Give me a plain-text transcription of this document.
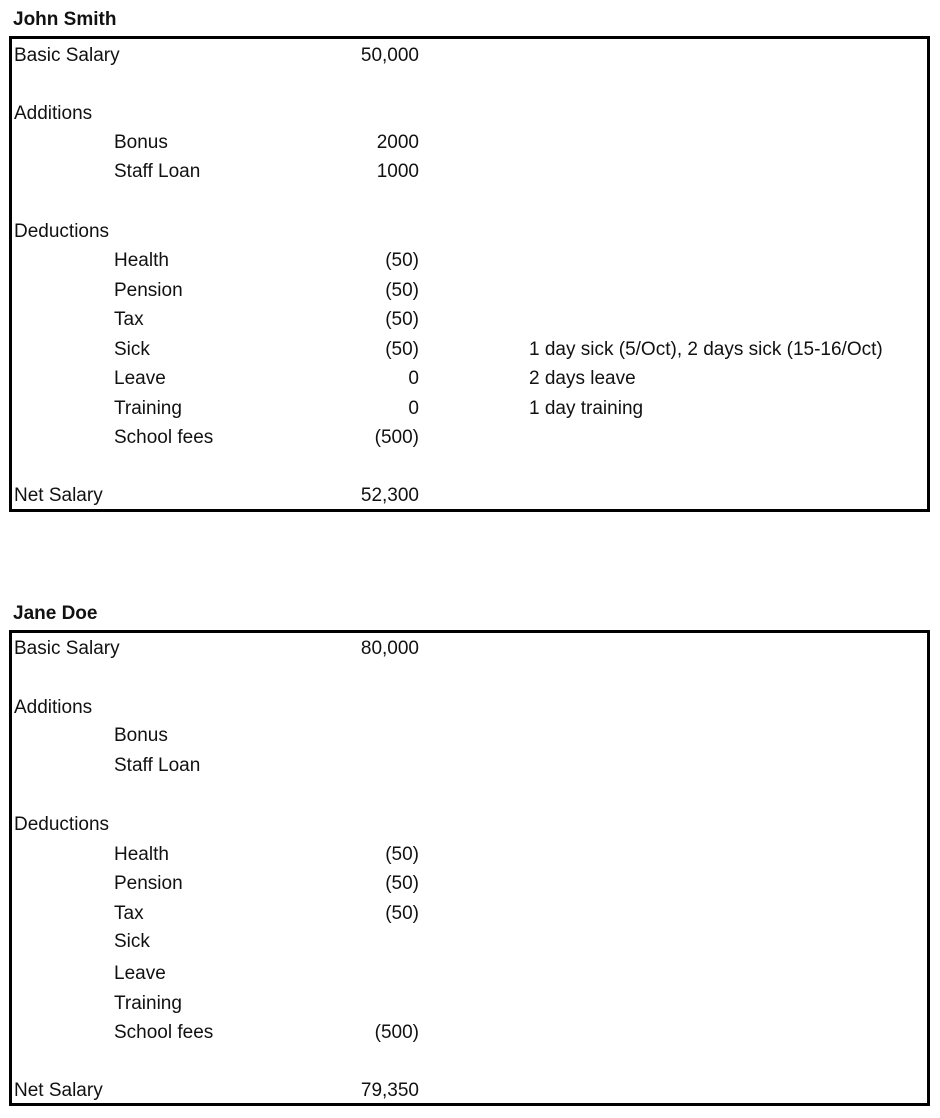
John Smith
Basic Salary	50,000
Additions
Bonus	2000
Staff Loan	1000
Deductions
Health	(50)
Pension	(50)
Tax	(50)
Sick	(50)	1 day sick (5/Oct), 2 days sick (15-16/Oct)
Leave	0	2 days leave
Training	0	1 day training
School fees	(500)
Net Salary	52,300
Jane Doe
Basic Salary	80,000
Additions
Bonus
Staff Loan
Deductions
Health	(50)
Pension	(50)
Tax	(50)
Sick
Leave
Training
School fees	(500)
Net Salary	79,350
